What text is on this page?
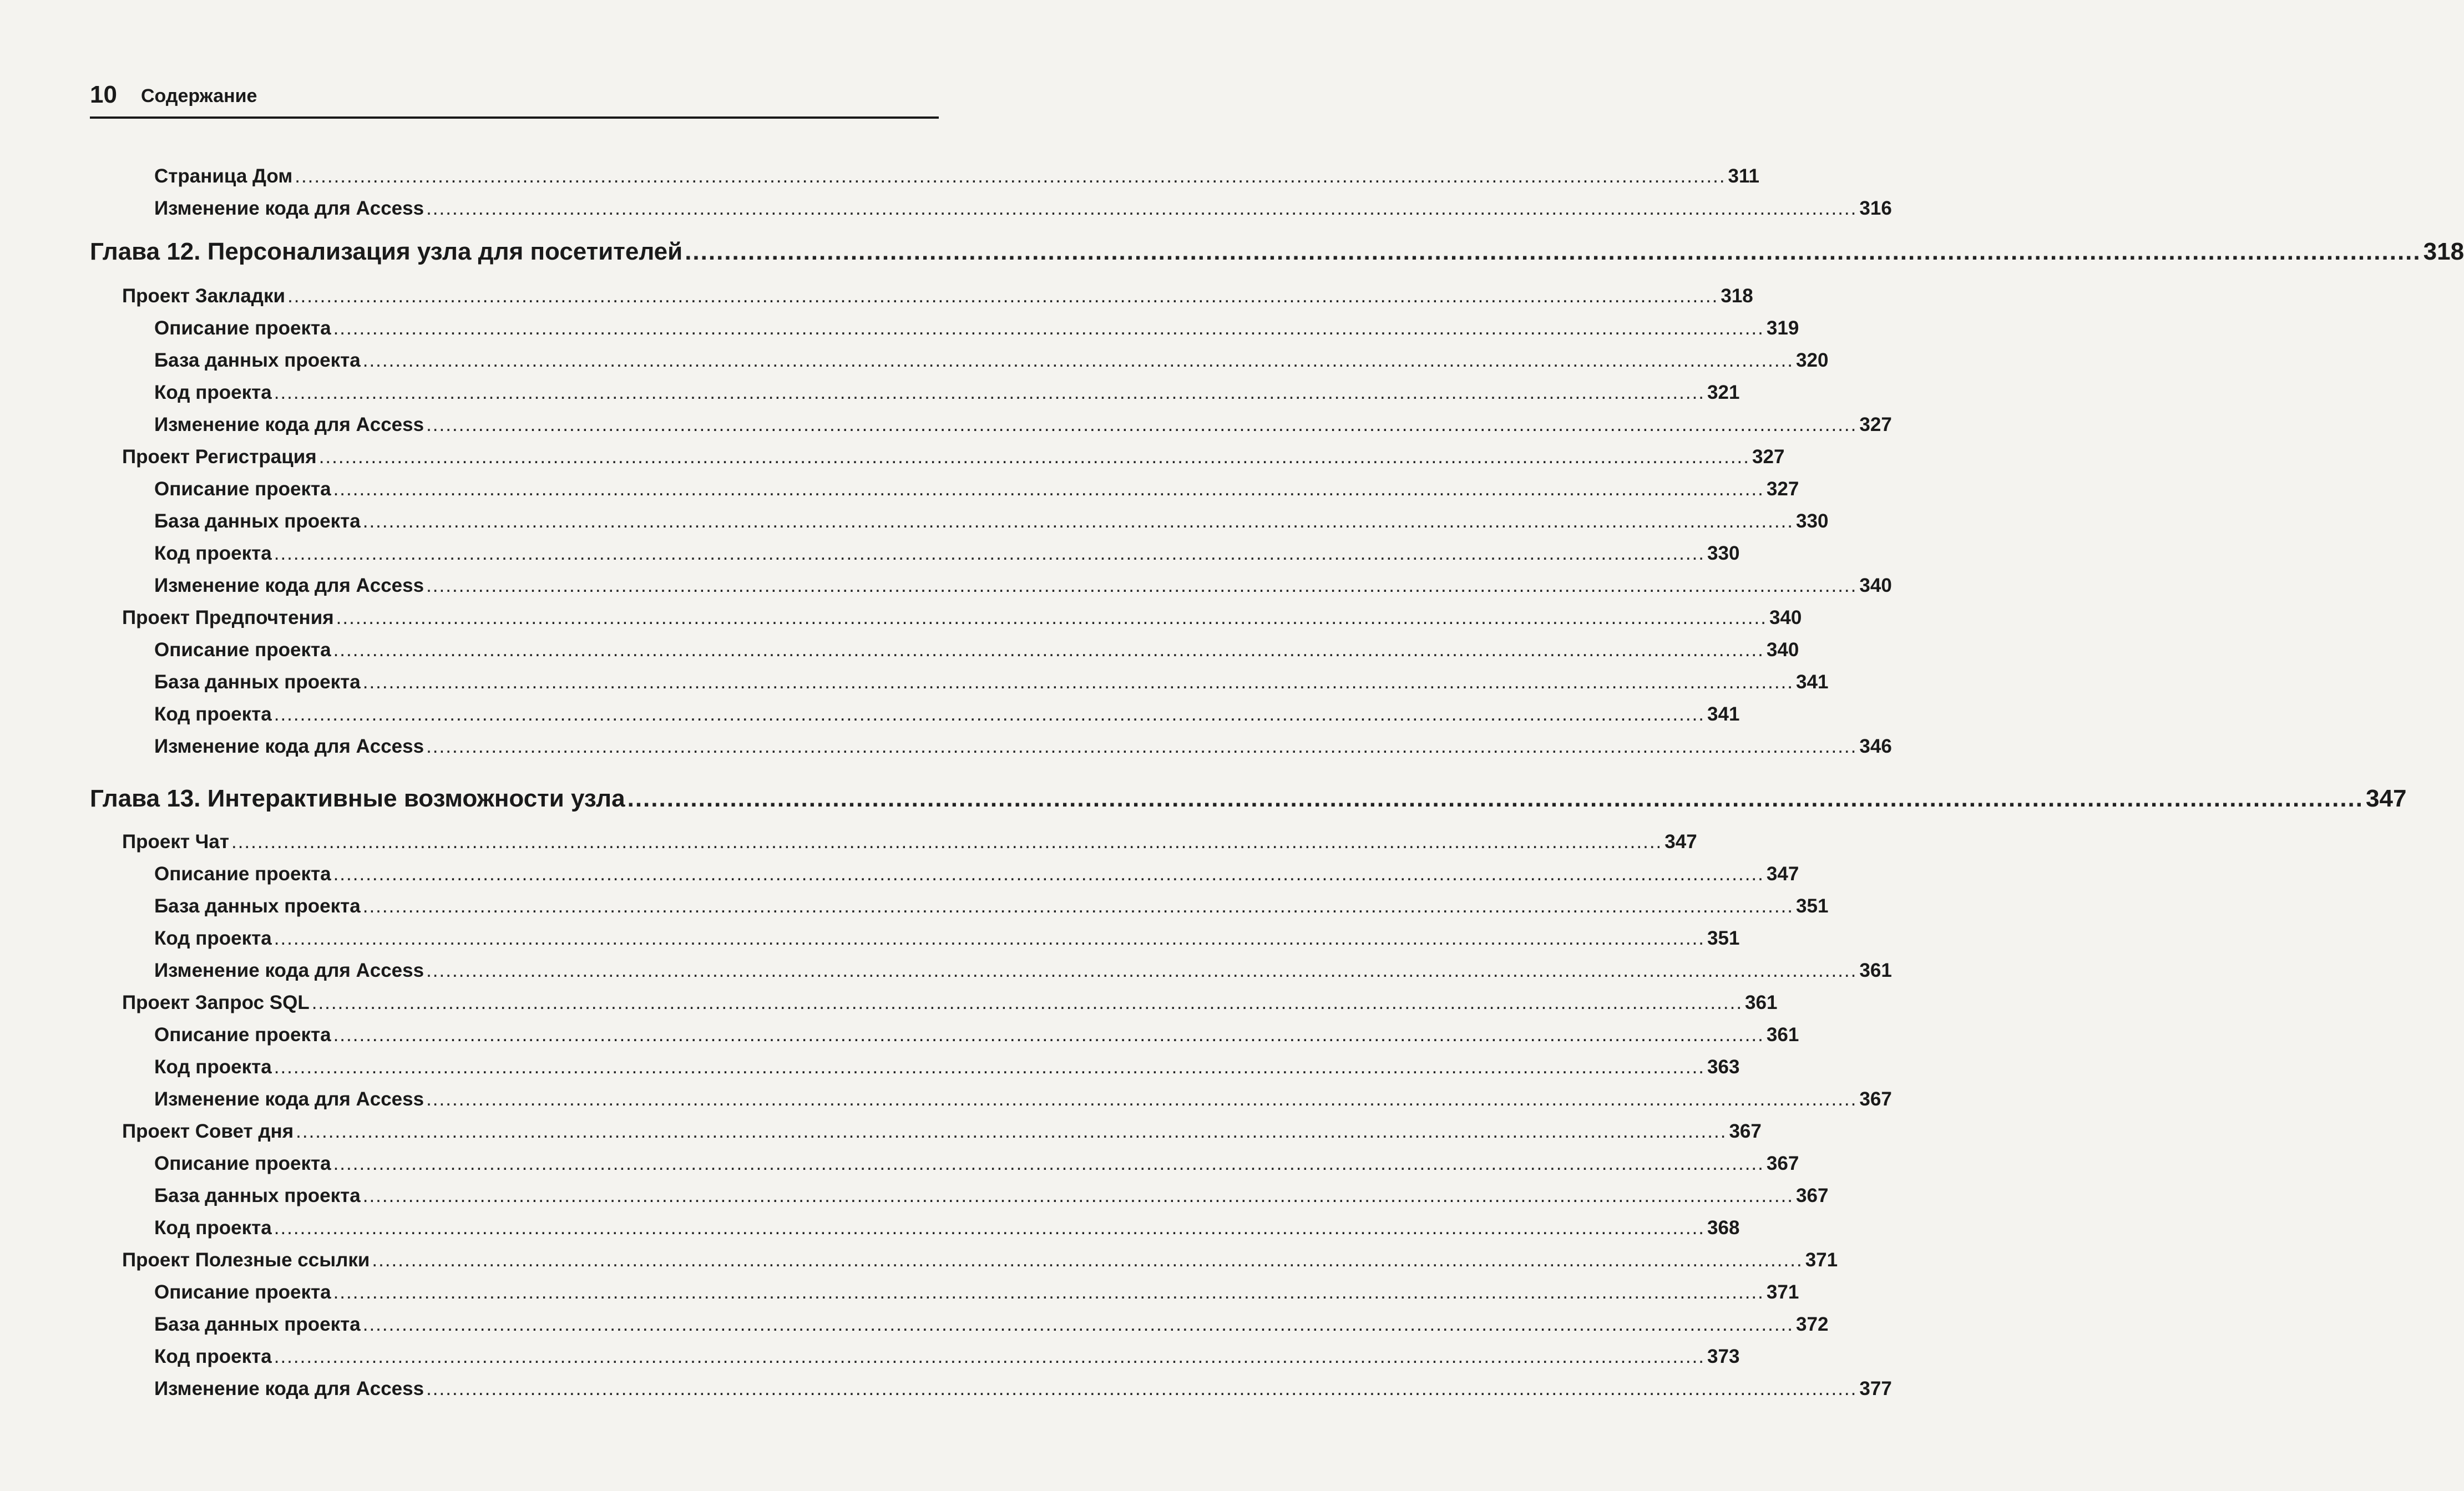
10 Содержание
Страница Дом ............................................................................................................................................................................................................................ 311
Изменение кода для Access ............................................................................................................................................................................................................................ 316
Глава 12. Персонализация узла для посетителей ............................................................................................................................................................................................................................ 318
Проект Закладки ............................................................................................................................................................................................................................ 318
Описание проекта ............................................................................................................................................................................................................................ 319
База данных проекта ............................................................................................................................................................................................................................ 320
Код проекта ............................................................................................................................................................................................................................ 321
Изменение кода для Access ............................................................................................................................................................................................................................ 327
Проект Регистрация ............................................................................................................................................................................................................................ 327
Описание проекта ............................................................................................................................................................................................................................ 327
База данных проекта ............................................................................................................................................................................................................................ 330
Код проекта ............................................................................................................................................................................................................................ 330
Изменение кода для Access ............................................................................................................................................................................................................................ 340
Проект Предпочтения ............................................................................................................................................................................................................................ 340
Описание проекта ............................................................................................................................................................................................................................ 340
База данных проекта ............................................................................................................................................................................................................................ 341
Код проекта ............................................................................................................................................................................................................................ 341
Изменение кода для Access ............................................................................................................................................................................................................................ 346
Глава 13. Интерактивные возможности узла ............................................................................................................................................................................................................................ 347
Проект Чат ............................................................................................................................................................................................................................ 347
Описание проекта ............................................................................................................................................................................................................................ 347
База данных проекта ............................................................................................................................................................................................................................ 351
Код проекта ............................................................................................................................................................................................................................ 351
Изменение кода для Access ............................................................................................................................................................................................................................ 361
Проект Запрос SQL ............................................................................................................................................................................................................................ 361
Описание проекта ............................................................................................................................................................................................................................ 361
Код проекта ............................................................................................................................................................................................................................ 363
Изменение кода для Access ............................................................................................................................................................................................................................ 367
Проект Совет дня ............................................................................................................................................................................................................................ 367
Описание проекта ............................................................................................................................................................................................................................ 367
База данных проекта ............................................................................................................................................................................................................................ 367
Код проекта ............................................................................................................................................................................................................................ 368
Проект Полезные ссылки ............................................................................................................................................................................................................................ 371
Описание проекта ............................................................................................................................................................................................................................ 371
База данных проекта ............................................................................................................................................................................................................................ 372
Код проекта ............................................................................................................................................................................................................................ 373
Изменение кода для Access ............................................................................................................................................................................................................................ 377
